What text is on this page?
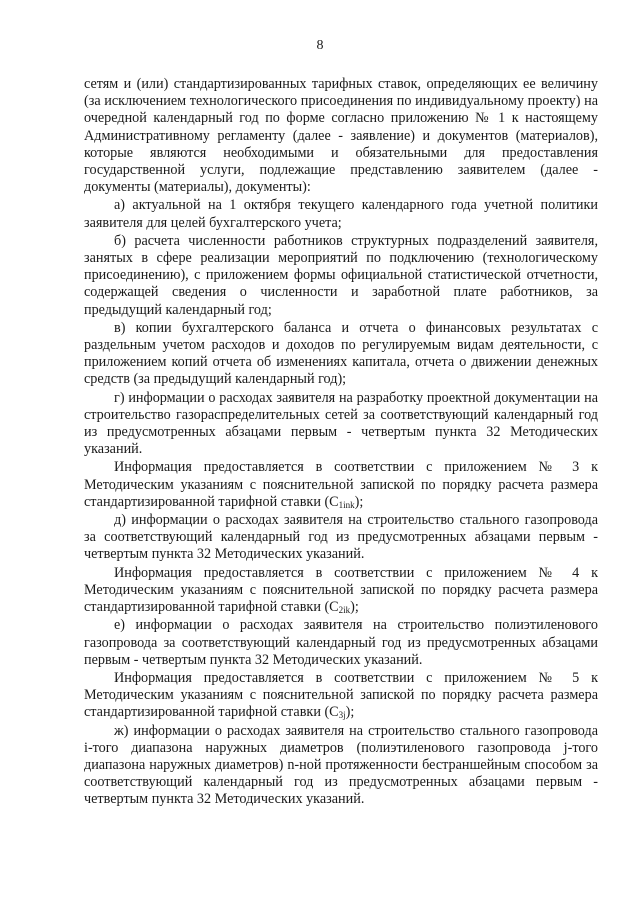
8

сетям и (или) стандартизированных тарифных ставок, определяющих ее величину (за исключением технологического присоединения по индивидуальному проекту) на очередной календарный год по форме согласно приложению № 1 к настоящему Административному регламенту (далее - заявление) и документов (материалов), которые являются необходимыми и обязательными для предоставления государственной услуги, подлежащие представлению заявителем (далее - документы (материалы), документы):

а) актуальной на 1 октября текущего календарного года учетной политики заявителя для целей бухгалтерского учета;

б) расчета численности работников структурных подразделений заявителя, занятых в сфере реализации мероприятий по подключению (технологическому присоединению), с приложением формы официальной статистической отчетности, содержащей сведения о численности и заработной плате работников, за предыдущий календарный год;

в) копии бухгалтерского баланса и отчета о финансовых результатах с раздельным учетом расходов и доходов по регулируемым видам деятельности, с приложением копий отчета об изменениях капитала, отчета о движении денежных средств (за предыдущий календарный год);

г) информации о расходах заявителя на разработку проектной документации на строительство газораспределительных сетей за соответствующий календарный год из предусмотренных абзацами первым - четвертым пункта 32 Методических указаний.

Информация предоставляется в соответствии с приложением № 3 к Методическим указаниям с пояснительной запиской по порядку расчета размера стандартизированной тарифной ставки $(C_{1ink})$;

д) информации о расходах заявителя на строительство стального газопровода за соответствующий календарный год из предусмотренных абзацами первым - четвертым пункта 32 Методических указаний.

Информация предоставляется в соответствии с приложением № 4 к Методическим указаниям с пояснительной запиской по порядку расчета размера стандартизированной тарифной ставки $(C_{2ik})$;

е) информации о расходах заявителя на строительство полиэтиленового газопровода за соответствующий календарный год из предусмотренных абзацами первым - четвертым пункта 32 Методических указаний.

Информация предоставляется в соответствии с приложением № 5 к Методическим указаниям с пояснительной запиской по порядку расчета размера стандартизированной тарифной ставки $(C_{3j})$;

ж) информации о расходах заявителя на строительство стального газопровода i-того диапазона наружных диаметров (полиэтиленового газопровода j-того диапазона наружных диаметров) n-ной протяженности бестраншейным способом за соответствующий календарный год из предусмотренных абзацами первым - четвертым пункта 32 Методических указаний.
